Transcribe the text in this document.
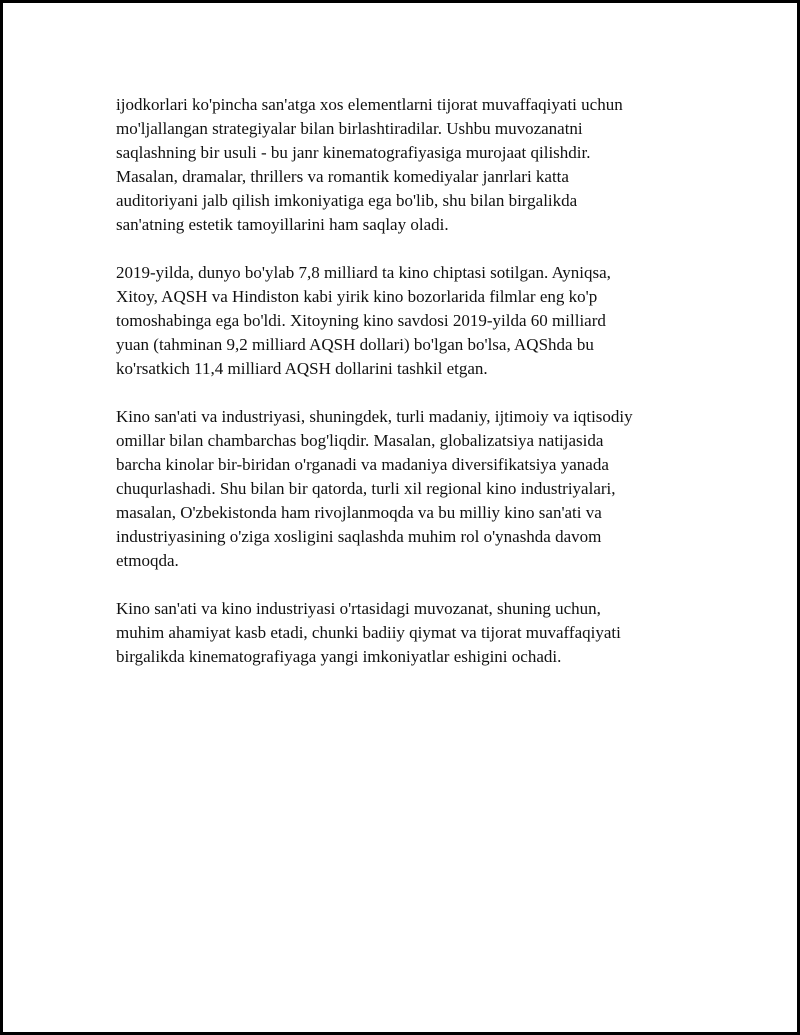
ijodkorlari ko'pincha san'atga xos elementlarni tijorat muvaffaqiyati uchun
mo'ljallangan strategiyalar bilan birlashtiradilar. Ushbu muvozanatni
saqlashning bir usuli - bu janr kinematografiyasiga murojaat qilishdir.
Masalan, dramalar, thrillers va romantik komediyalar janrlari katta
auditoriyani jalb qilish imkoniyatiga ega bo'lib, shu bilan birgalikda
san'atning estetik tamoyillarini ham saqlay oladi.

2019-yilda, dunyo bo'ylab 7,8 milliard ta kino chiptasi sotilgan. Ayniqsa,
Xitoy, AQSH va Hindiston kabi yirik kino bozorlarida filmlar eng ko'p
tomoshabinga ega bo'ldi. Xitoyning kino savdosi 2019-yilda 60 milliard
yuan (tahminan 9,2 milliard AQSH dollari) bo'lgan bo'lsa, AQShda bu
ko'rsatkich 11,4 milliard AQSH dollarini tashkil etgan.

Kino san'ati va industriyasi, shuningdek, turli madaniy, ijtimoiy va iqtisodiy
omillar bilan chambarchas bog'liqdir. Masalan, globalizatsiya natijasida
barcha kinolar bir-biridan o'rganadi va madaniya diversifikatsiya yanada
chuqurlashadi. Shu bilan bir qatorda, turli xil regional kino industriyalari,
masalan, O'zbekistonda ham rivojlanmoqda va bu milliy kino san'ati va
industriyasining o'ziga xosligini saqlashda muhim rol o'ynashda davom
etmoqda.

Kino san'ati va kino industriyasi o'rtasidagi muvozanat, shuning uchun,
muhim ahamiyat kasb etadi, chunki badiiy qiymat va tijorat muvaffaqiyati
birgalikda kinematografiyaga yangi imkoniyatlar eshigini ochadi.
